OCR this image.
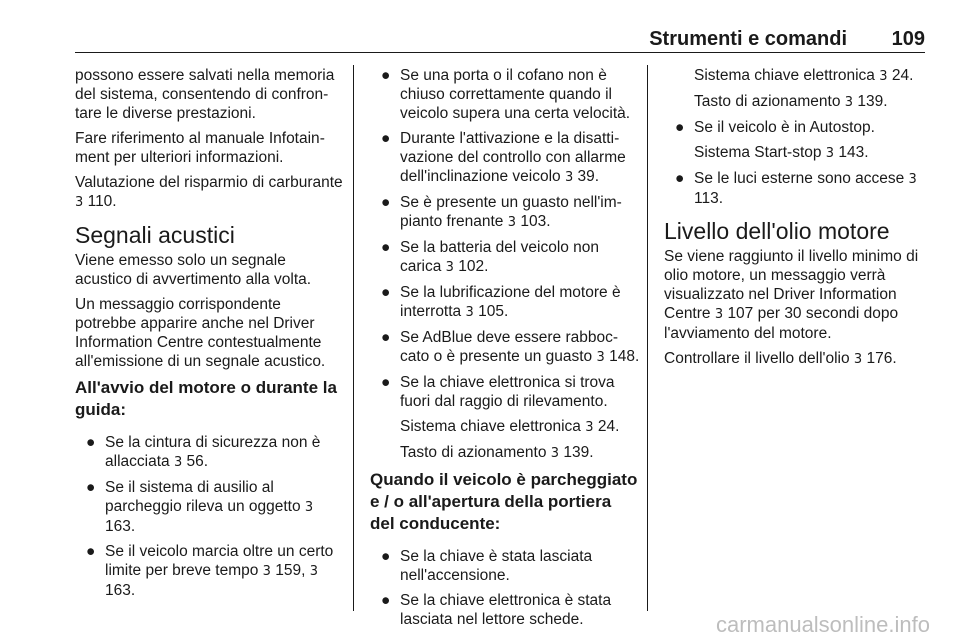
Strumenti e comandi 109

possono essere salvati nella memoria del sistema, consentendo di confrontare le diverse prestazioni.

Fare riferimento al manuale Infotainment per ulteriori informazioni.

Valutazione del risparmio di carburante 3 110.

Segnali acustici

Viene emesso solo un segnale acustico di avvertimento alla volta.

Un messaggio corrispondente potrebbe apparire anche nel Driver Information Centre contestualmente all'emissione di un segnale acustico.

All'avvio del motore o durante la guida:
● Se la cintura di sicurezza non è allacciata 3 56.
● Se il sistema di ausilio al parcheggio rileva un oggetto 3 163.
● Se il veicolo marcia oltre un certo limite per breve tempo 3 159, 3 163.
● Se una porta o il cofano non è chiuso correttamente quando il veicolo supera una certa velocità.
● Durante l'attivazione e la disattivazione del controllo con allarme dell'inclinazione veicolo 3 39.
● Se è presente un guasto nell'impianto frenante 3 103.
● Se la batteria del veicolo non carica 3 102.
● Se la lubrificazione del motore è interrotta 3 105.
● Se AdBlue deve essere rabboccato o è presente un guasto 3 148.
● Se la chiave elettronica si trova fuori dal raggio di rilevamento.
Sistema chiave elettronica 3 24.
Tasto di azionamento 3 139.
Quando il veicolo è parcheggiato e / o all'apertura della portiera del conducente:
● Se la chiave è stata lasciata nell'accensione.
● Se la chiave elettronica è stata lasciata nel lettore schede.
Sistema chiave elettronica 3 24.
Tasto di azionamento 3 139.
● Se il veicolo è in Autostop.
Sistema Start-stop 3 143.
● Se le luci esterne sono accese 3 113.
Livello dell'olio motore

Se viene raggiunto il livello minimo di olio motore, un messaggio verrà visualizzato nel Driver Information Centre 3 107 per 30 secondi dopo l'avviamento del motore.

Controllare il livello dell'olio 3 176.

carmanualsonline.info
